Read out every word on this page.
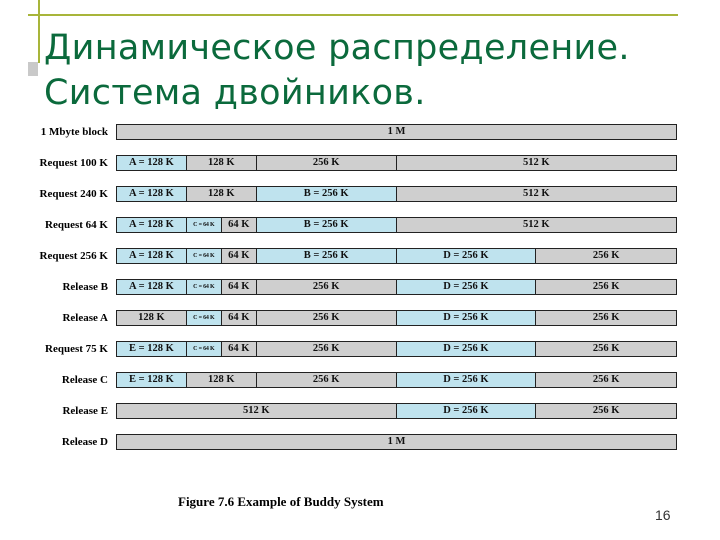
Динамическое распределение.
Система двойников.
1 Mbyte block	1 M
Request 100 K	A = 128 K	128 K	256 K	512 K
Request 240 K	A = 128 K	128 K	B = 256 K	512 K
Request 64 K	A = 128 K	C = 64 K	64 K	B = 256 K	512 K
Request 256 K	A = 128 K	C = 64 K	64 K	B = 256 K	D = 256 K	256 K
Release B	A = 128 K	C = 64 K	64 K	256 K	D = 256 K	256 K
Release A	128 K	C = 64 K	64 K	256 K	D = 256 K	256 K
Request 75 K	E = 128 K	C = 64 K	64 K	256 K	D = 256 K	256 K
Release C	E = 128 K	128 K	256 K	D = 256 K	256 K
Release E	512 K	D = 256 K	256 K
Release D	1 M
Figure 7.6 Example of Buddy System
16
